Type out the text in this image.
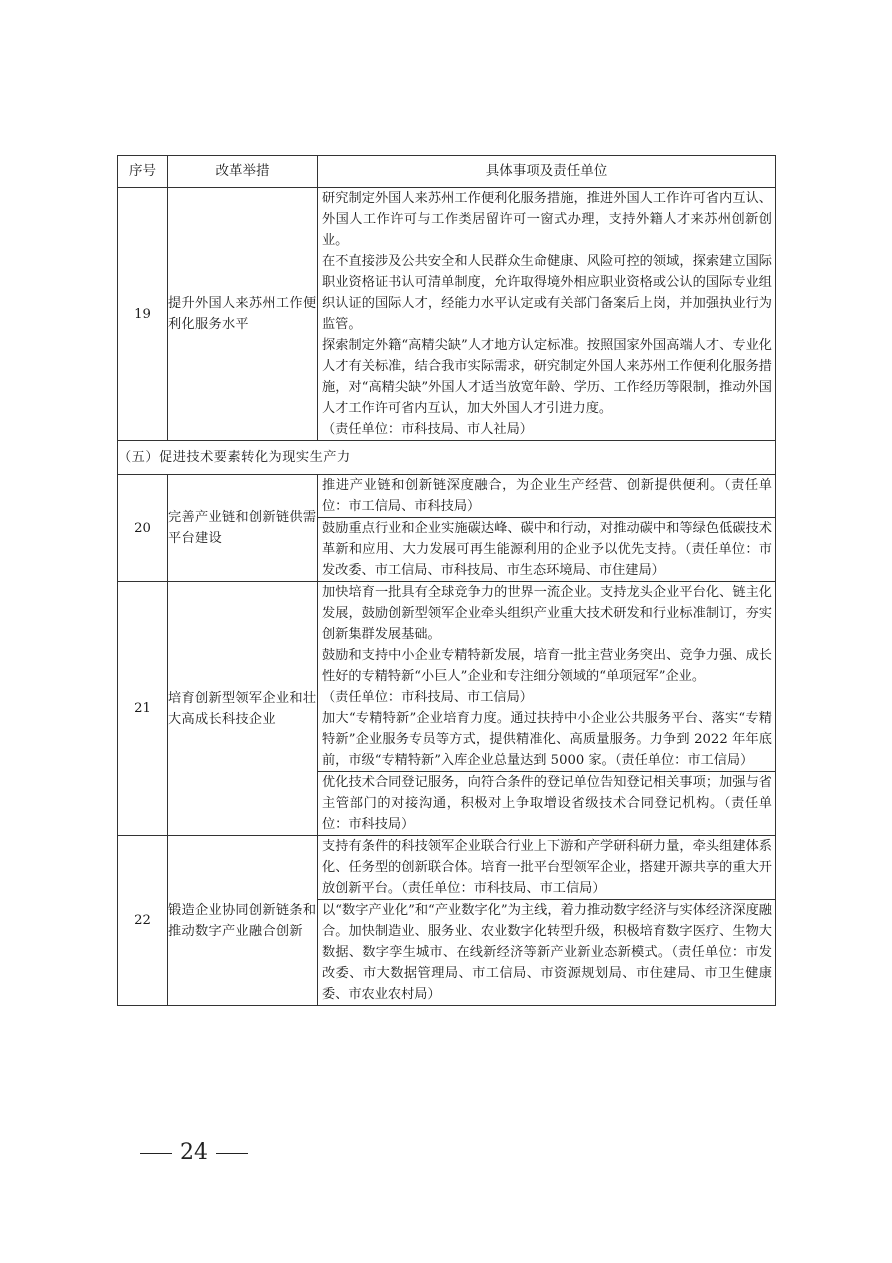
序号	改革举措	具体事项及责任单位
19	提升外国人来苏州工作便利化服务水平	研究制定外国人来苏州工作便利化服务措施，推进外国人工作许可省内互认、外国人工作许可与工作类居留许可一窗式办理，支持外籍人才来苏州创新创业。

在不直接涉及公共安全和人民群众生命健康、风险可控的领域，探索建立国际职业资格证书认可清单制度，允许取得境外相应职业资格或公认的国际专业组织认证的国际人才，经能力水平认定或有关部门备案后上岗，并加强执业行为监管。

探索制定外籍“高精尖缺”人才地方认定标准。按照国家外国高端人才、专业化人才有关标准，结合我市实际需求，研究制定外国人来苏州工作便利化服务措施，对“高精尖缺”外国人才适当放宽年龄、学历、工作经历等限制，推动外国人才工作许可省内互认，加大外国人才引进力度。

（责任单位：市科技局、市人社局）

（五）促进技术要素转化为现实生产力		
20	完善产业链和创新链供需平台建设	推进产业链和创新链深度融合，为企业生产经营、创新提供便利。（责任单位：市工信局、市科技局）

鼓励重点行业和企业实施碳达峰、碳中和行动，对推动碳中和等绿色低碳技术革新和应用、大力发展可再生能源利用的企业予以优先支持。（责任单位：市发改委、市工信局、市科技局、市生态环境局、市住建局）

21	培育创新型领军企业和壮大高成长科技企业	加快培育一批具有全球竞争力的世界一流企业。支持龙头企业平台化、链主化发展，鼓励创新型领军企业牵头组织产业重大技术研发和行业标准制订，夯实创新集群发展基础。

鼓励和支持中小企业专精特新发展，培育一批主营业务突出、竞争力强、成长性好的专精特新“小巨人”企业和专注细分领域的“单项冠军”企业。

（责任单位：市科技局、市工信局）

加大“专精特新”企业培育力度。通过扶持中小企业公共服务平台、落实“专精特新”企业服务专员等方式，提供精准化、高质量服务。力争到 2022 年年底前，市级“专精特新”入库企业总量达到 5000 家。（责任单位：市工信局）

优化技术合同登记服务，向符合条件的登记单位告知登记相关事项；加强与省主管部门的对接沟通，积极对上争取增设省级技术合同登记机构。（责任单位：市科技局）

22	锻造企业协同创新链条和推动数字产业融合创新	支持有条件的科技领军企业联合行业上下游和产学研科研力量，牵头组建体系化、任务型的创新联合体。培育一批平台型领军企业，搭建开源共享的重大开放创新平台。（责任单位：市科技局、市工信局）

以“数字产业化”和“产业数字化”为主线，着力推动数字经济与实体经济深度融合。加快制造业、服务业、农业数字化转型升级，积极培育数字医疗、生物大数据、数字孪生城市、在线新经济等新产业新业态新模式。（责任单位：市发改委、市大数据管理局、市工信局、市资源规划局、市住建局、市卫生健康委、市农业农村局）

24
